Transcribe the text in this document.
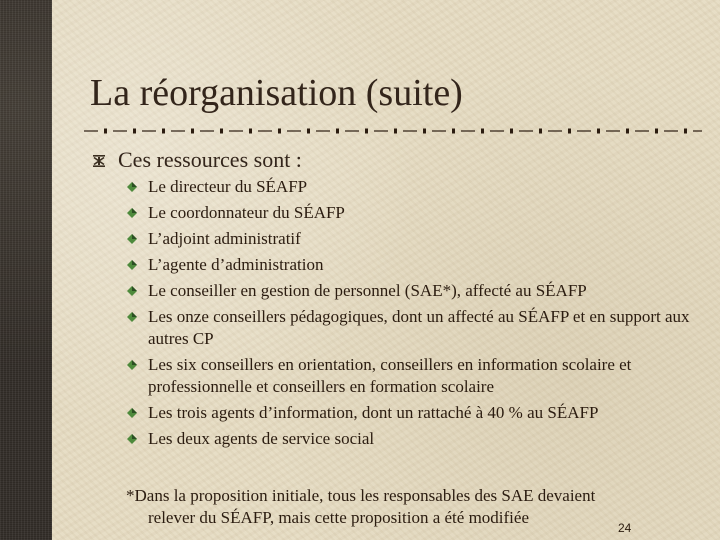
La réorganisation (suite)
Ces ressources sont :
Le directeur du SÉAFP
Le coordonnateur du SÉAFP
L’adjoint administratif
L’agente d’administration
Le conseiller en gestion de personnel (SAE*), affecté au SÉAFP
Les onze conseillers pédagogiques, dont un affecté au SÉAFP et en support aux autres CP
Les six conseillers en orientation, conseillers en information scolaire et professionnelle et conseillers en formation scolaire
Les trois agents d’information, dont un rattaché à 40 % au SÉAFP
Les deux agents de service social
*Dans la proposition initiale, tous les responsables des SAE devaient
relever du SÉAFP, mais cette proposition a été modifiée
24
